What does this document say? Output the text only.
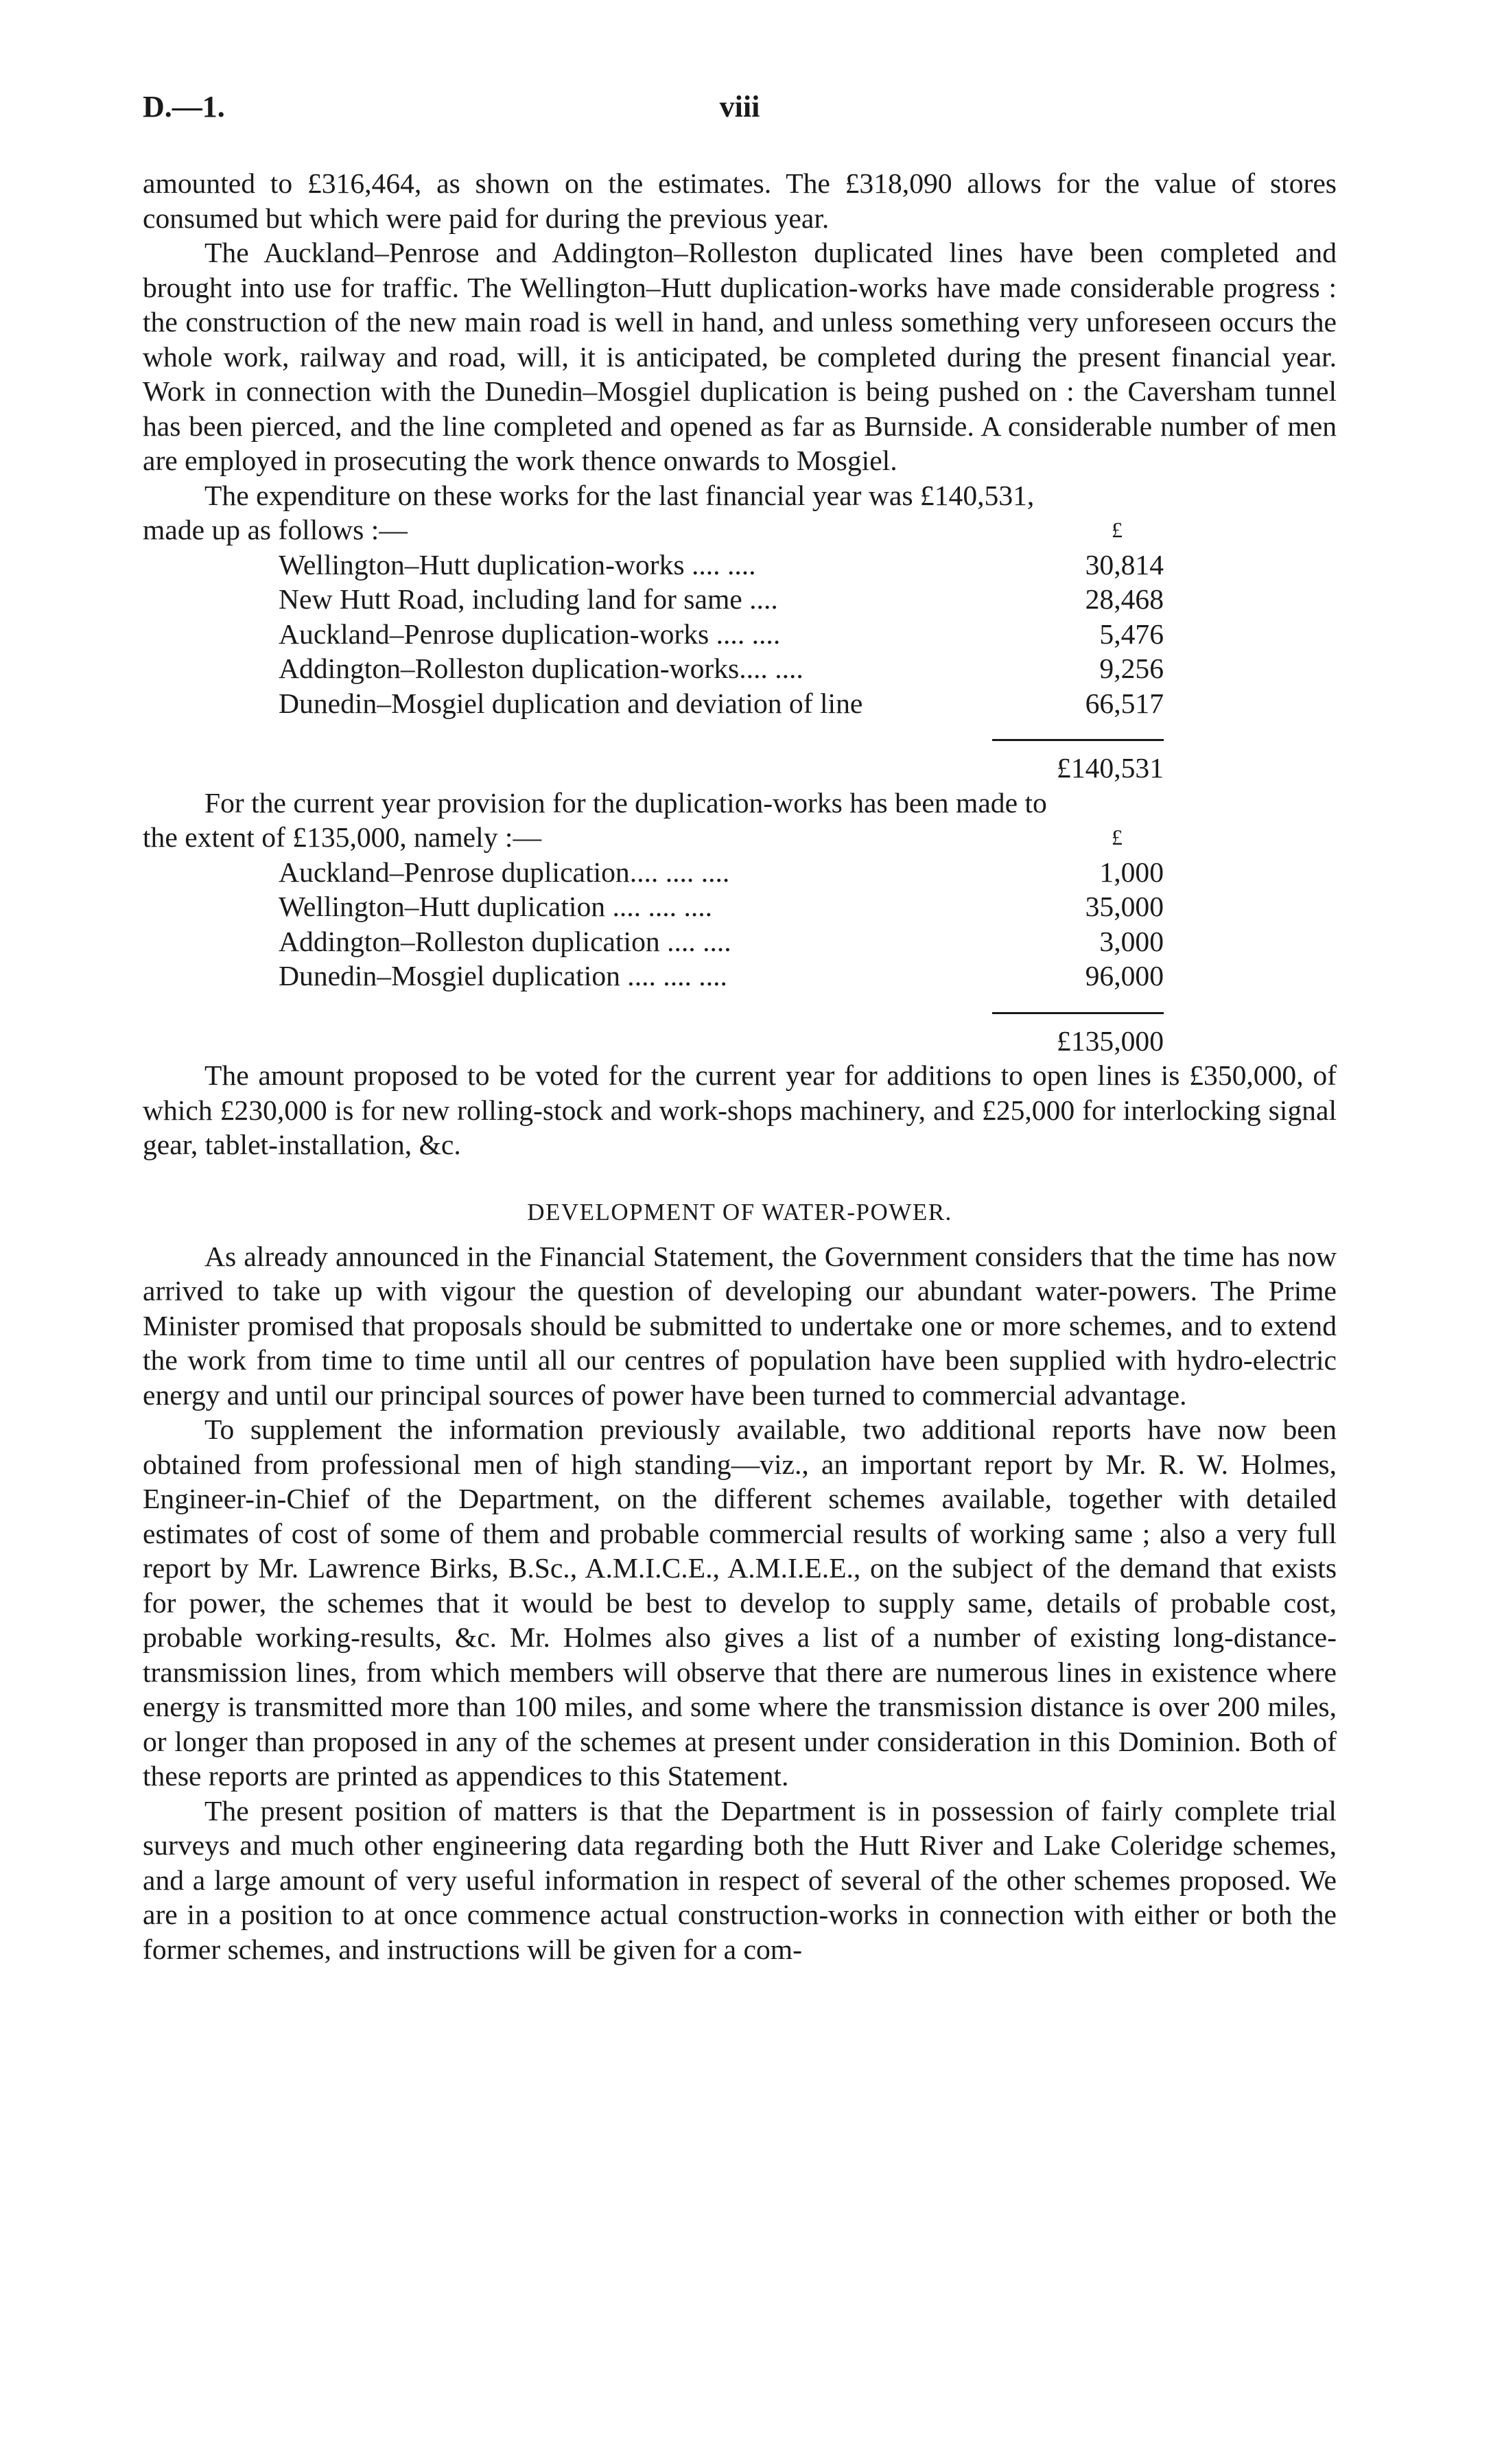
D.—1.	viii

amounted to £316,464, as shown on the estimates. The £318,090 allows for the value of stores consumed but which were paid for during the previous year.

The Auckland–Penrose and Addington–Rolleston duplicated lines have been completed and brought into use for traffic. The Wellington–Hutt duplication-works have made considerable progress : the construction of the new main road is well in hand, and unless something very unforeseen occurs the whole work, railway and road, will, it is anticipated, be completed during the present financial year. Work in connection with the Dunedin–Mosgiel duplication is being pushed on : the Caversham tunnel has been pierced, and the line completed and opened as far as Burnside. A considerable number of men are employed in prosecuting the work thence onwards to Mosgiel.

The expenditure on these works for the last financial year was £140,531,

made up as follows :—	£
Wellington–Hutt duplication-works .... ....	30,814
New Hutt Road, including land for same ....	28,468
Auckland–Penrose duplication-works .... ....	5,476
Addington–Rolleston duplication-works.... ....	9,256
Dunedin–Mosgiel duplication and deviation of line	66,517
£140,531

For the current year provision for the duplication-works has been made to

the extent of £135,000, namely :—	£
Auckland–Penrose duplication.... .... ....	1,000
Wellington–Hutt duplication .... .... ....	35,000
Addington–Rolleston duplication .... ....	3,000
Dunedin–Mosgiel duplication .... .... ....	96,000
£135,000

The amount proposed to be voted for the current year for additions to open lines is £350,000, of which £230,000 is for new rolling-stock and work-shops machinery, and £25,000 for interlocking signal gear, tablet-installation, &c.

DEVELOPMENT OF WATER-POWER.

As already announced in the Financial Statement, the Government considers that the time has now arrived to take up with vigour the question of developing our abundant water-powers. The Prime Minister promised that proposals should be submitted to undertake one or more schemes, and to extend the work from time to time until all our centres of population have been supplied with hydro-electric energy and until our principal sources of power have been turned to commercial advantage.

To supplement the information previously available, two additional reports have now been obtained from professional men of high standing—viz., an important report by Mr. R. W. Holmes, Engineer-in-Chief of the Department, on the different schemes available, together with detailed estimates of cost of some of them and probable commercial results of working same ; also a very full report by Mr. Lawrence Birks, B.Sc., A.M.I.C.E., A.M.I.E.E., on the subject of the demand that exists for power, the schemes that it would be best to develop to supply same, details of probable cost, probable working-results, &c. Mr. Holmes also gives a list of a number of existing long-distance-transmission lines, from which members will observe that there are numerous lines in existence where energy is transmitted more than 100 miles, and some where the transmission distance is over 200 miles, or longer than proposed in any of the schemes at present under consideration in this Dominion. Both of these reports are printed as appendices to this Statement.

The present position of matters is that the Department is in possession of fairly complete trial surveys and much other engineering data regarding both the Hutt River and Lake Coleridge schemes, and a large amount of very useful information in respect of several of the other schemes proposed. We are in a position to at once commence actual construction-works in connection with either or both the former schemes, and instructions will be given for a com-
